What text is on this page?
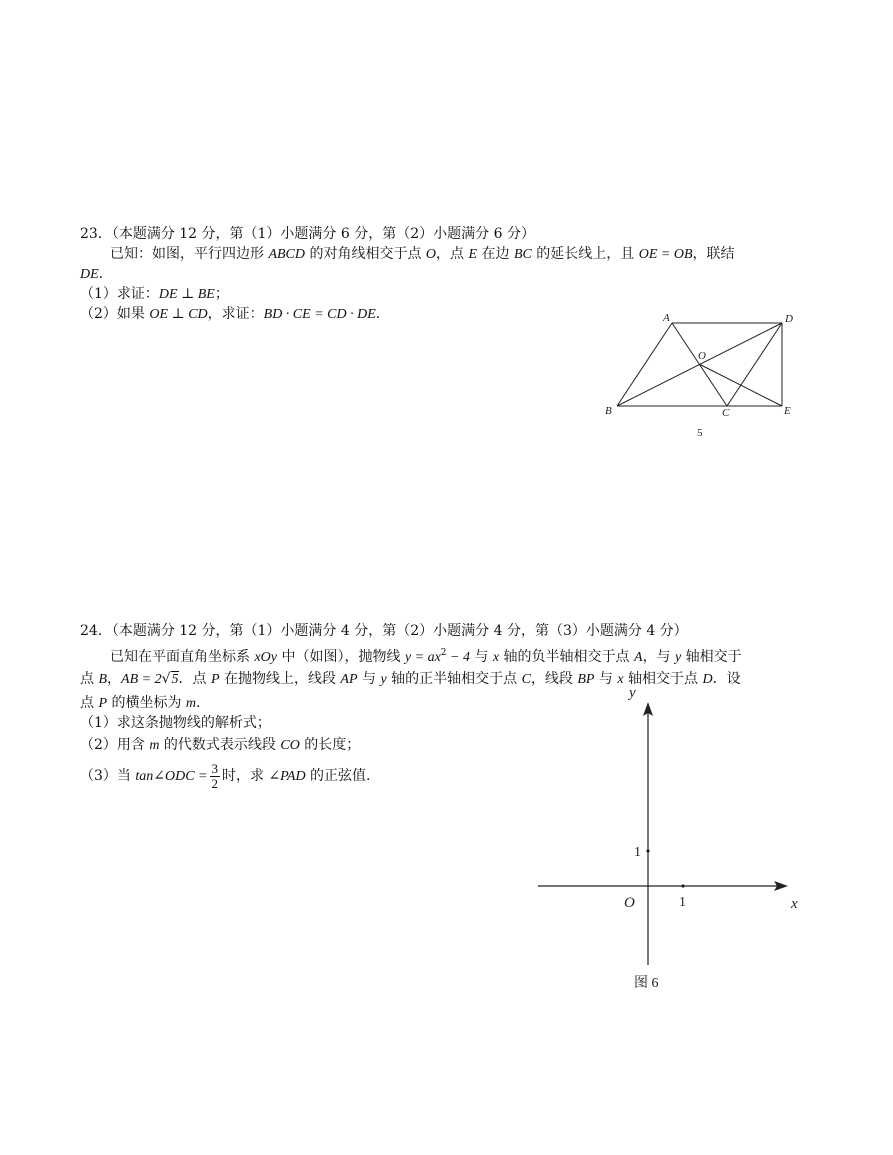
23．（本题满分 12 分，第（1）小题满分 6 分，第（2）小题满分 6 分）
已知：如图，平行四边形 ABCD 的对角线相交于点 O，点 E 在边 BC 的延长线上，且 OE = OB，联结
DE.
（1）求证：DE ⊥ BE；
（2）如果 OE ⊥ CD，求证：BD · CE = CD · DE.	A	D
O
B	C	E
5
24．（本题满分 12 分，第（1）小题满分 4 分，第（2）小题满分 4 分，第（3）小题满分 4 分）
已知在平面直角坐标系 xOy 中（如图），抛物线 $y = ax^2 - 4$ 与 x 轴的负半轴相交于点 A，与 y 轴相交于
点 B，AB = 2√5．点 P 在抛物线上，线段 AP 与 y 轴的正半轴相交于点 C，线段 BP 与 x 轴相交于点 D．设
点 P 的横坐标为 m.
（1）求这条抛物线的解析式；
（2）用含 m 的代数式表示线段 CO 的长度；
（3）当 tan∠ODC = $\frac{3}{2}$ 时，求 ∠PAD 的正弦值.
y
x
O
1
1
图 6
